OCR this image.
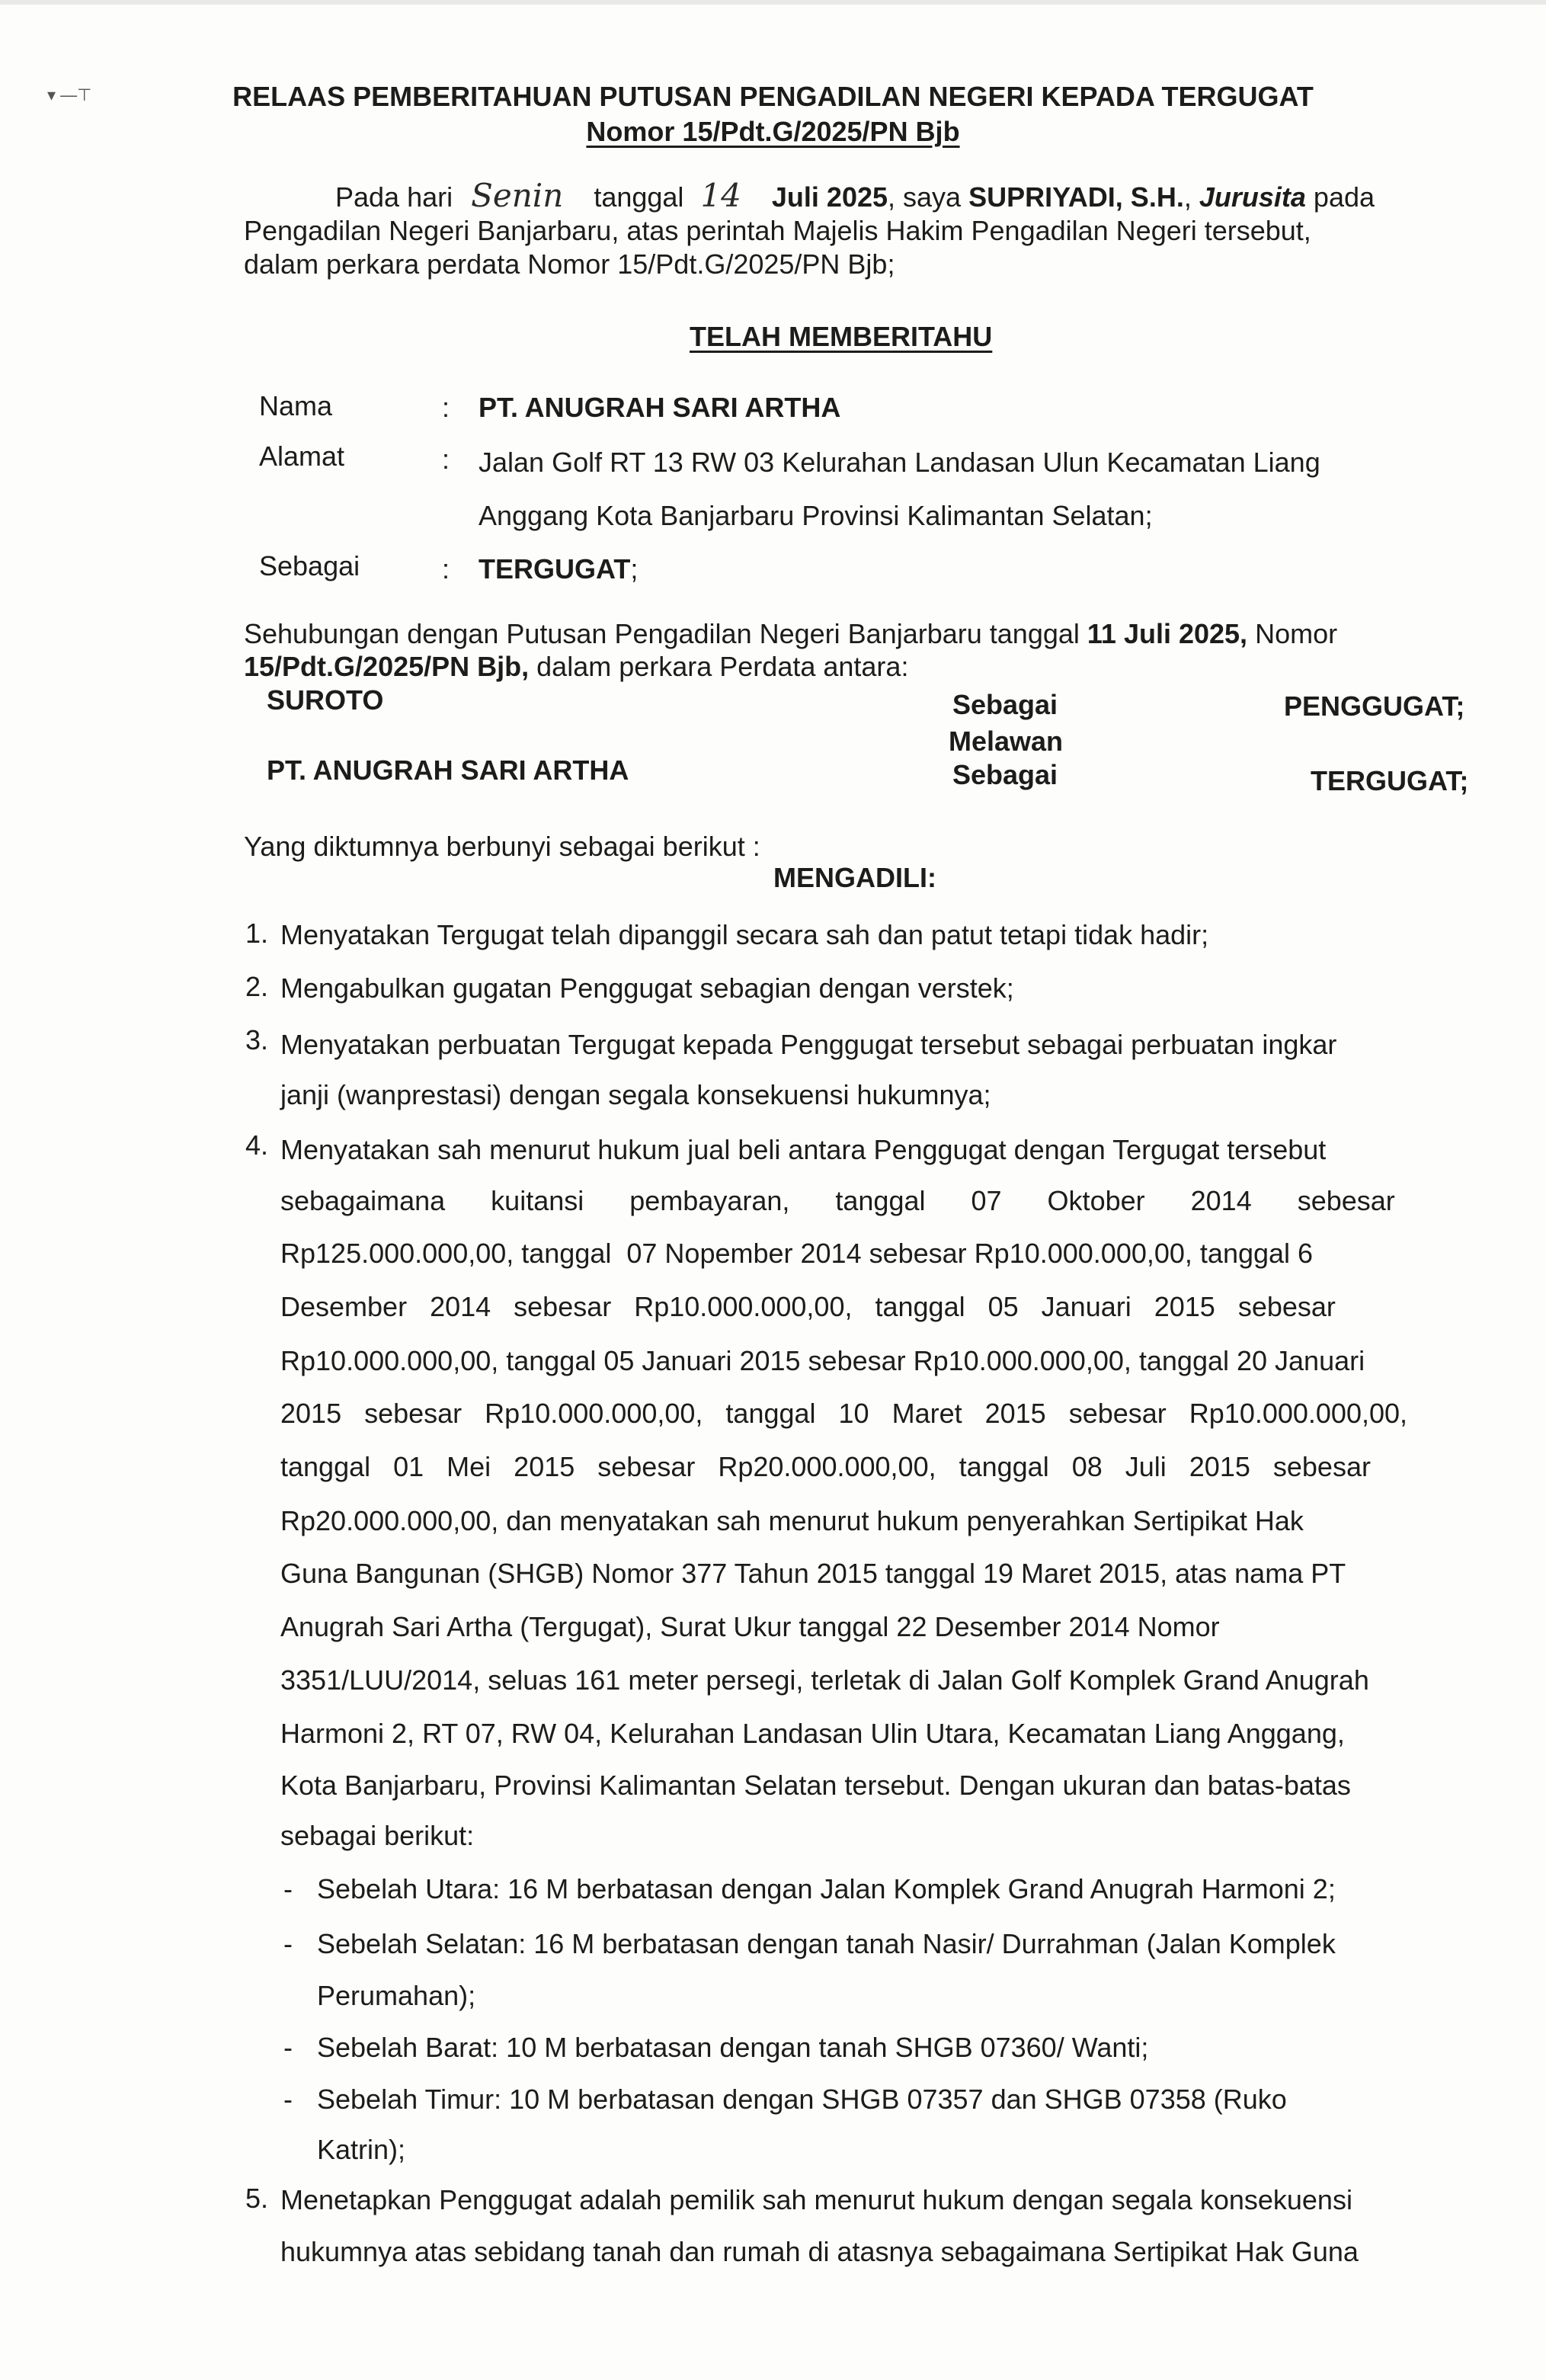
▾ —⊤	RELAAS PEMBERITAHUAN PUTUSAN PENGADILAN NEGERI KEPADA TERGUGAT
Nomor 15/Pdt.G/2025/PN Bjb
Pada hari Senin tanggal 14 Juli 2025, saya SUPRIYADI, S.H., Jurusita pada
Pengadilan Negeri Banjarbaru, atas perintah Majelis Hakim Pengadilan Negeri tersebut,
dalam perkara perdata Nomor 15/Pdt.G/2025/PN Bjb;
TELAH MEMBERITAHU
Nama	: PT. ANUGRAH SARI ARTHA
Alamat	: Jalan Golf RT 13 RW 03 Kelurahan Landasan Ulun Kecamatan Liang
Anggang Kota Banjarbaru Provinsi Kalimantan Selatan;
Sebagai	: TERGUGAT;
Sehubungan dengan Putusan Pengadilan Negeri Banjarbaru tanggal 11 Juli 2025, Nomor
15/Pdt.G/2025/PN Bjb, dalam perkara Perdata antara:
SUROTO	Sebagai	PENGGUGAT;
Melawan
PT. ANUGRAH SARI ARTHA	Sebagai	TERGUGAT;
Yang diktumnya berbunyi sebagai berikut :
MENGADILI:
1. Menyatakan Tergugat telah dipanggil secara sah dan patut tetapi tidak hadir;
2. Mengabulkan gugatan Penggugat sebagian dengan verstek;
3. Menyatakan perbuatan Tergugat kepada Penggugat tersebut sebagai perbuatan ingkar
janji (wanprestasi) dengan segala konsekuensi hukumnya;
4. Menyatakan sah menurut hukum jual beli antara Penggugat dengan Tergugat tersebut
sebagaimana      kuitansi      pembayaran,      tanggal      07      Oktober      2014      sebesar
Rp125.000.000,00, tanggal  07 Nopember 2014 sebesar Rp10.000.000,00, tanggal 6
Desember   2014   sebesar   Rp10.000.000,00,   tanggal   05   Januari   2015   sebesar
Rp10.000.000,00, tanggal 05 Januari 2015 sebesar Rp10.000.000,00, tanggal 20 Januari
2015   sebesar   Rp10.000.000,00,   tanggal   10   Maret   2015   sebesar   Rp10.000.000,00,
tanggal   01   Mei   2015   sebesar   Rp20.000.000,00,   tanggal   08   Juli   2015   sebesar
Rp20.000.000,00, dan menyatakan sah menurut hukum penyerahkan Sertipikat Hak
Guna Bangunan (SHGB) Nomor 377 Tahun 2015 tanggal 19 Maret 2015, atas nama PT
Anugrah Sari Artha (Tergugat), Surat Ukur tanggal 22 Desember 2014 Nomor
3351/LUU/2014, seluas 161 meter persegi, terletak di Jalan Golf Komplek Grand Anugrah
Harmoni 2, RT 07, RW 04, Kelurahan Landasan Ulin Utara, Kecamatan Liang Anggang,
Kota Banjarbaru, Provinsi Kalimantan Selatan tersebut. Dengan ukuran dan batas-batas
sebagai berikut:
- Sebelah Utara: 16 M berbatasan dengan Jalan Komplek Grand Anugrah Harmoni 2;
- Sebelah Selatan: 16 M berbatasan dengan tanah Nasir/ Durrahman (Jalan Komplek
Perumahan);
- Sebelah Barat: 10 M berbatasan dengan tanah SHGB 07360/ Wanti;
- Sebelah Timur: 10 M berbatasan dengan SHGB 07357 dan SHGB 07358 (Ruko
Katrin);
5. Menetapkan Penggugat adalah pemilik sah menurut hukum dengan segala konsekuensi
hukumnya atas sebidang tanah dan rumah di atasnya sebagaimana Sertipikat Hak Guna
